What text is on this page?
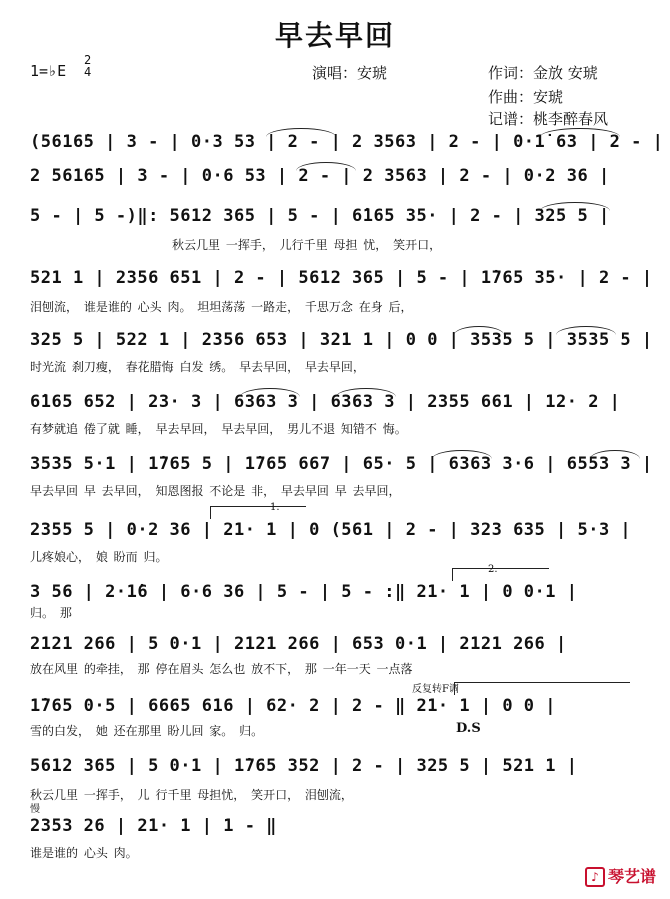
早去早回
1=♭E
2
4	演唱：安琥	作词：金放 安琥
作曲：安琥
记谱：桃李醉春风
(5616̇5 | 3 - | 0·3 53 | 2 - | 2 3563 | 2 - | 0·1̇ 63 | 2 - |
2 5616̇5 | 3 - | 0·6 53 | 2 - | 2 3563 | 2 - | 0·2 36 |
5 - | 5 -)‖: 5612 365 | 5 - | 6̇165 35· | 2 - | 325 5 |
秋云几里 一挥手， 儿行千里 母担 忧， 笑开口，
521 1 | 2356 651 | 2 - | 5612 365 | 5 - | 1̇765 35· | 2 - |
泪刨流， 谁是谁的 心头 肉。 坦坦荡荡 一路走， 千思万念 在身 后，
325 5 | 522 1 | 2356 653 | 321 1 | 0 0 | 3535 5 | 3535 5 |
时光流 刹刀瘦， 春花腊悔 白发 绣。 早去早回， 早去早回，
6̇165 652 | 23· 3 | 6363 3 | 6363 3 | 2355 661 | 12· 2 |
有梦就追 倦了就 睡， 早去早回， 早去早回， 男儿不退 知错不 悔。
3535 5·1 | 1̇765 5 | 1̇765 667 | 65· 5 | 6363 3·6 | 6553 3 |
早去早回 早 去早回， 知恩图报 不论是 非， 早去早回 早 去早回，
2355 5 | 0·2 36 | 21· 1 | 0 (561 | 2 - | 323 635 | 5·3 |
儿疼娘心， 娘 盼而 归。
3 56 | 2·1̇6 | 6·6 36 | 5 - | 5 - :‖ 21· 1 | 0 0·1 |
归。 那
2121 266 | 5 0·1 | 2121 266 | 653 0·1 | 2121 266 |
放在风里 的牵挂， 那 停在眉头 怎么也 放不下， 那 一年一天 一点落
反复转F调
1̇765 0·5 | 6665 616 | 62· 2 | 2 - ‖ 21· 1 | 0 0 |
雪的白发， 她 还在那里 盼儿回 家。 归。	D.S
5612 365 | 5 0·1 | 1̇765 352 | 2 - | 325 5 | 521 1 |
秋云几里 一挥手， 儿 行千里 母担忧， 笑开口， 泪刨流，
慢
2353 26 | 21· 1 | 1 - ‖
谁是谁的 心头 肉。
1.
2.
♪ 琴艺谱
